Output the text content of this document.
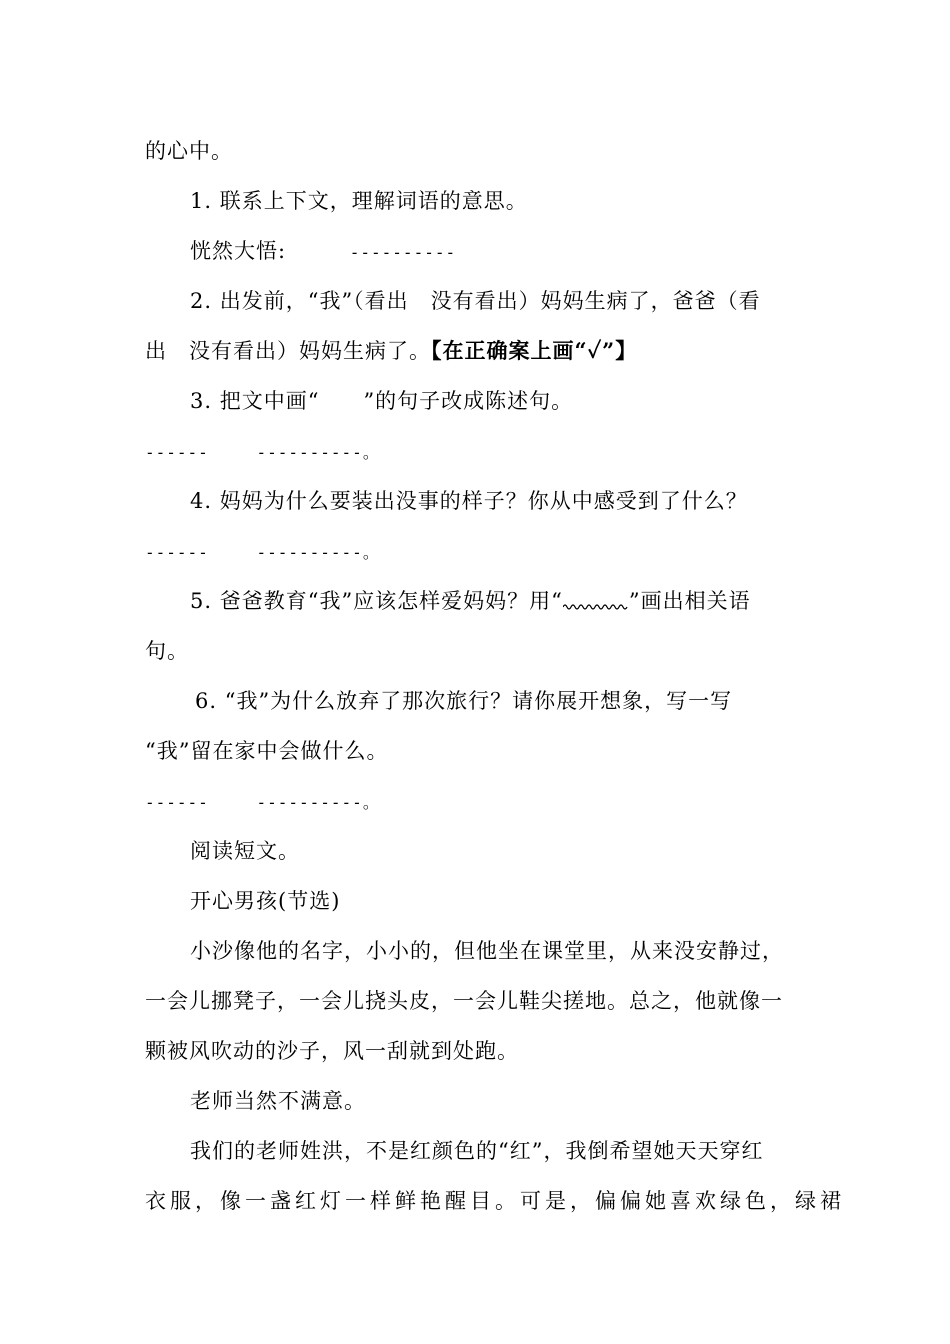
的心中。
1. 联系上下文，理解词语的意思。
恍然大悟:	----------
2. 出发前，“我”（看出　没有看出）妈妈生病了，爸爸（看
出　没有看出）妈妈生病了。【在正确案上画“✓”】
3. 把文中画“　　”的句子改成陈述句。
------	----------。
4. 妈妈为什么要装出没事的样子？你从中感受到了什么？
------	----------。
5. 爸爸教育“我”应该怎样爱妈妈？用“	”画出相关语
句。
6. “我”为什么放弃了那次旅行？请你展开想象，写一写
“我”留在家中会做什么。
------	----------。
阅读短文。
开心男孩(节选)
小沙像他的名字，小小的，但他坐在课堂里，从来没安静过，
一会儿挪凳子，一会儿挠头皮，一会儿鞋尖搓地。总之，他就像一
颗被风吹动的沙子，风一刮就到处跑。
老师当然不满意。
我们的老师姓洪，不是红颜色的“红”，我倒希望她天天穿红
衣服，像一盏红灯一样鲜艳醒目。可是，偏偏她喜欢绿色，绿裙
